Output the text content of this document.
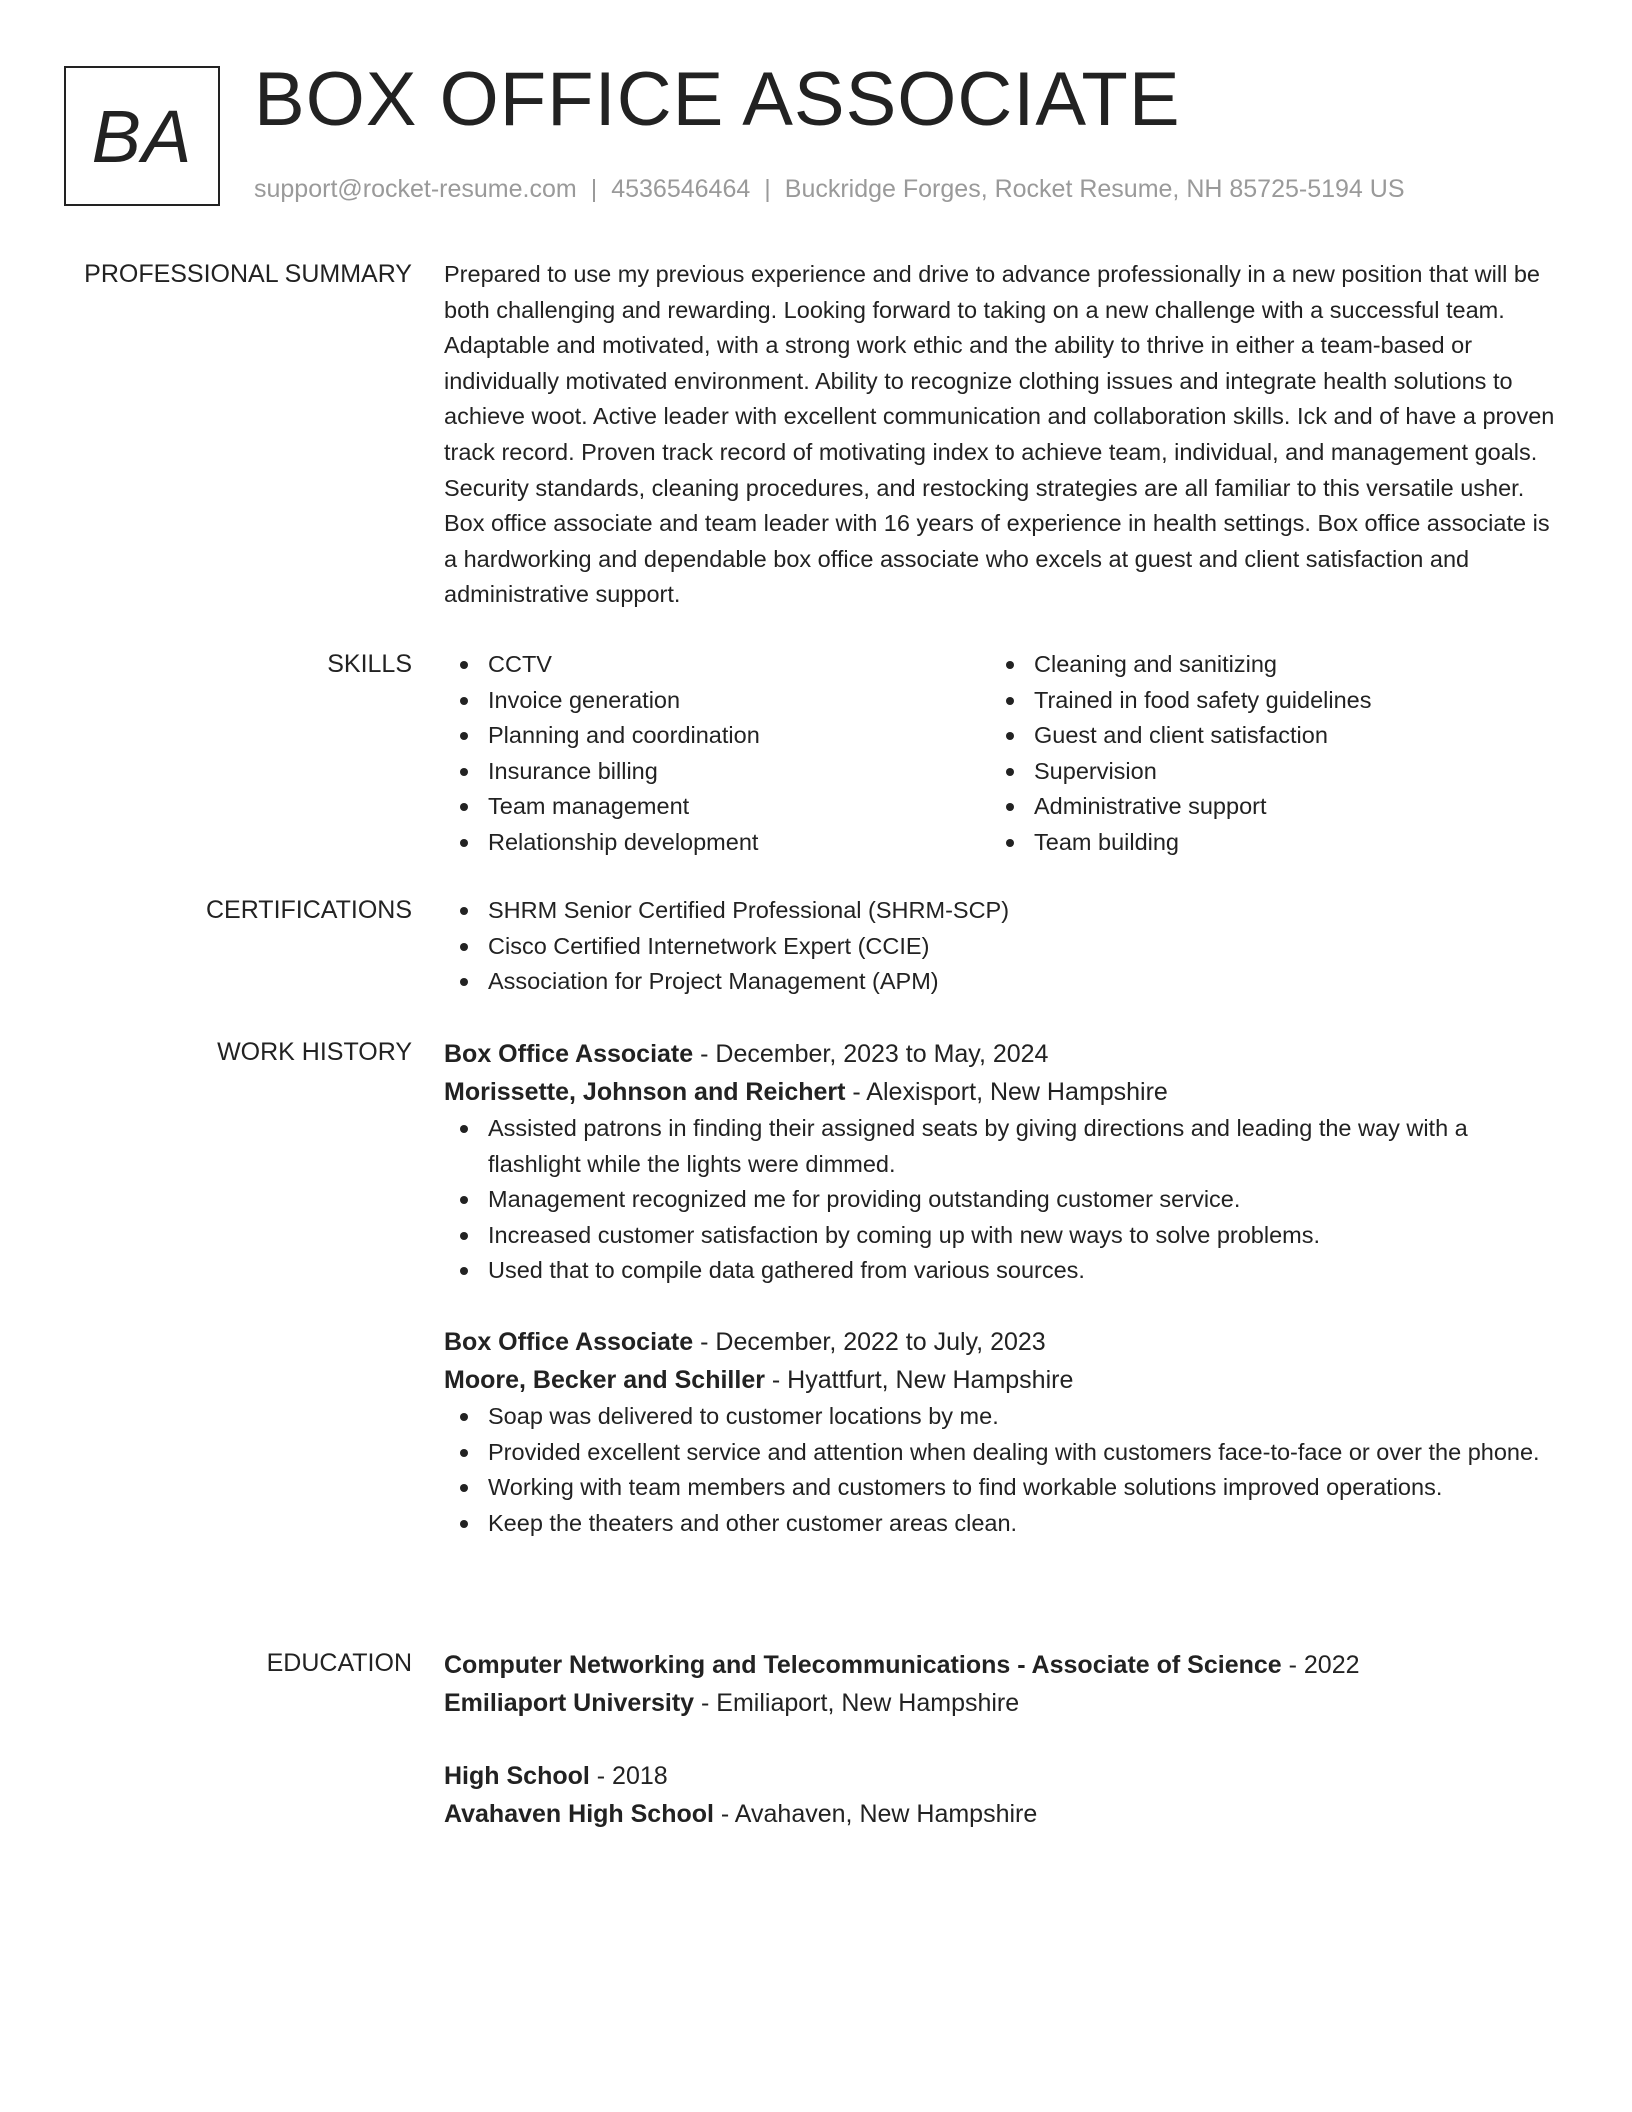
BA BOX OFFICE ASSOCIATE
support@rocket-resume.com | 4536546464 | Buckridge Forges, Rocket Resume, NH 85725-5194 US
PROFESSIONAL SUMMARY Prepared to use my previous experience and drive to advance professionally in a new position that will be both challenging and rewarding. Looking forward to taking on a new challenge with a successful team. Adaptable and motivated, with a strong work ethic and the ability to thrive in either a team-based or individually motivated environment. Ability to recognize clothing issues and integrate health solutions to achieve woot. Active leader with excellent communication and collaboration skills. Ick and of have a proven track record. Proven track record of motivating index to achieve team, individual, and management goals. Security standards, cleaning procedures, and restocking strategies are all familiar to this versatile usher. Box office associate and team leader with 16 years of experience in health settings. Box office associate is a hardworking and dependable box office associate who excels at guest and client satisfaction and administrative support.

SKILLS	CCTV
Invoice generation
Planning and coordination
Insurance billing
Team management
Relationship development
Cleaning and sanitizing
Trained in food safety guidelines
Guest and client satisfaction
Supervision
Administrative support
Team building
CERTIFICATIONS	SHRM Senior Certified Professional (SHRM-SCP)
Cisco Certified Internetwork Expert (CCIE)
Association for Project Management (APM)
WORK HISTORY Box Office Associate - December, 2023 to May, 2024
Morissette, Johnson and Reichert - Alexisport, New Hampshire
Assisted patrons in finding their assigned seats by giving directions and leading the way with a flashlight while the lights were dimmed.
Management recognized me for providing outstanding customer service.
Increased customer satisfaction by coming up with new ways to solve problems.
Used that to compile data gathered from various sources.
Box Office Associate - December, 2022 to July, 2023
Moore, Becker and Schiller - Hyattfurt, New Hampshire
Soap was delivered to customer locations by me.
Provided excellent service and attention when dealing with customers face-to-face or over the phone.
Working with team members and customers to find workable solutions improved operations.
Keep the theaters and other customer areas clean.
EDUCATION Computer Networking and Telecommunications - Associate of Science - 2022
Emiliaport University - Emiliaport, New Hampshire
High School - 2018
Avahaven High School - Avahaven, New Hampshire
